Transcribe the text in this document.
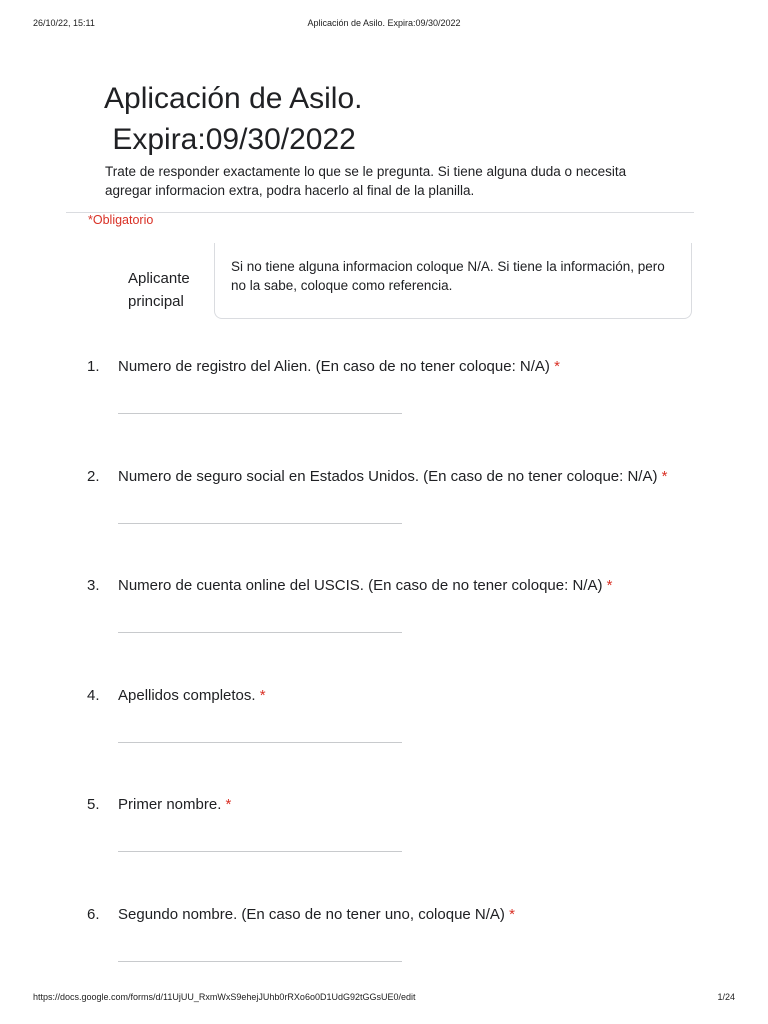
26/10/22, 15:11	Aplicación de Asilo. Expira:09/30/2022
Aplicación de Asilo.
Expira:09/30/2022
Trate de responder exactamente lo que se le pregunta. Si tiene alguna duda o necesita agregar informacion extra, podra hacerlo al final de la planilla.
*Obligatorio
Aplicante principal
Si no tiene alguna informacion coloque N/A. Si tiene la información, pero no la sabe, coloque como referencia.
1. Numero de registro del Alien. (En caso de no tener coloque: N/A) *
2. Numero de seguro social en Estados Unidos. (En caso de no tener coloque: N/A) *
3. Numero de cuenta online del USCIS. (En caso de no tener coloque: N/A) *
4. Apellidos completos. *
5. Primer nombre. *
6. Segundo nombre. (En caso de no tener uno, coloque N/A) *
https://docs.google.com/forms/d/11UjUU_RxmWxS9ehejJUhb0rRXo6o0D1UdG92tGGsUE0/edit	1/24
